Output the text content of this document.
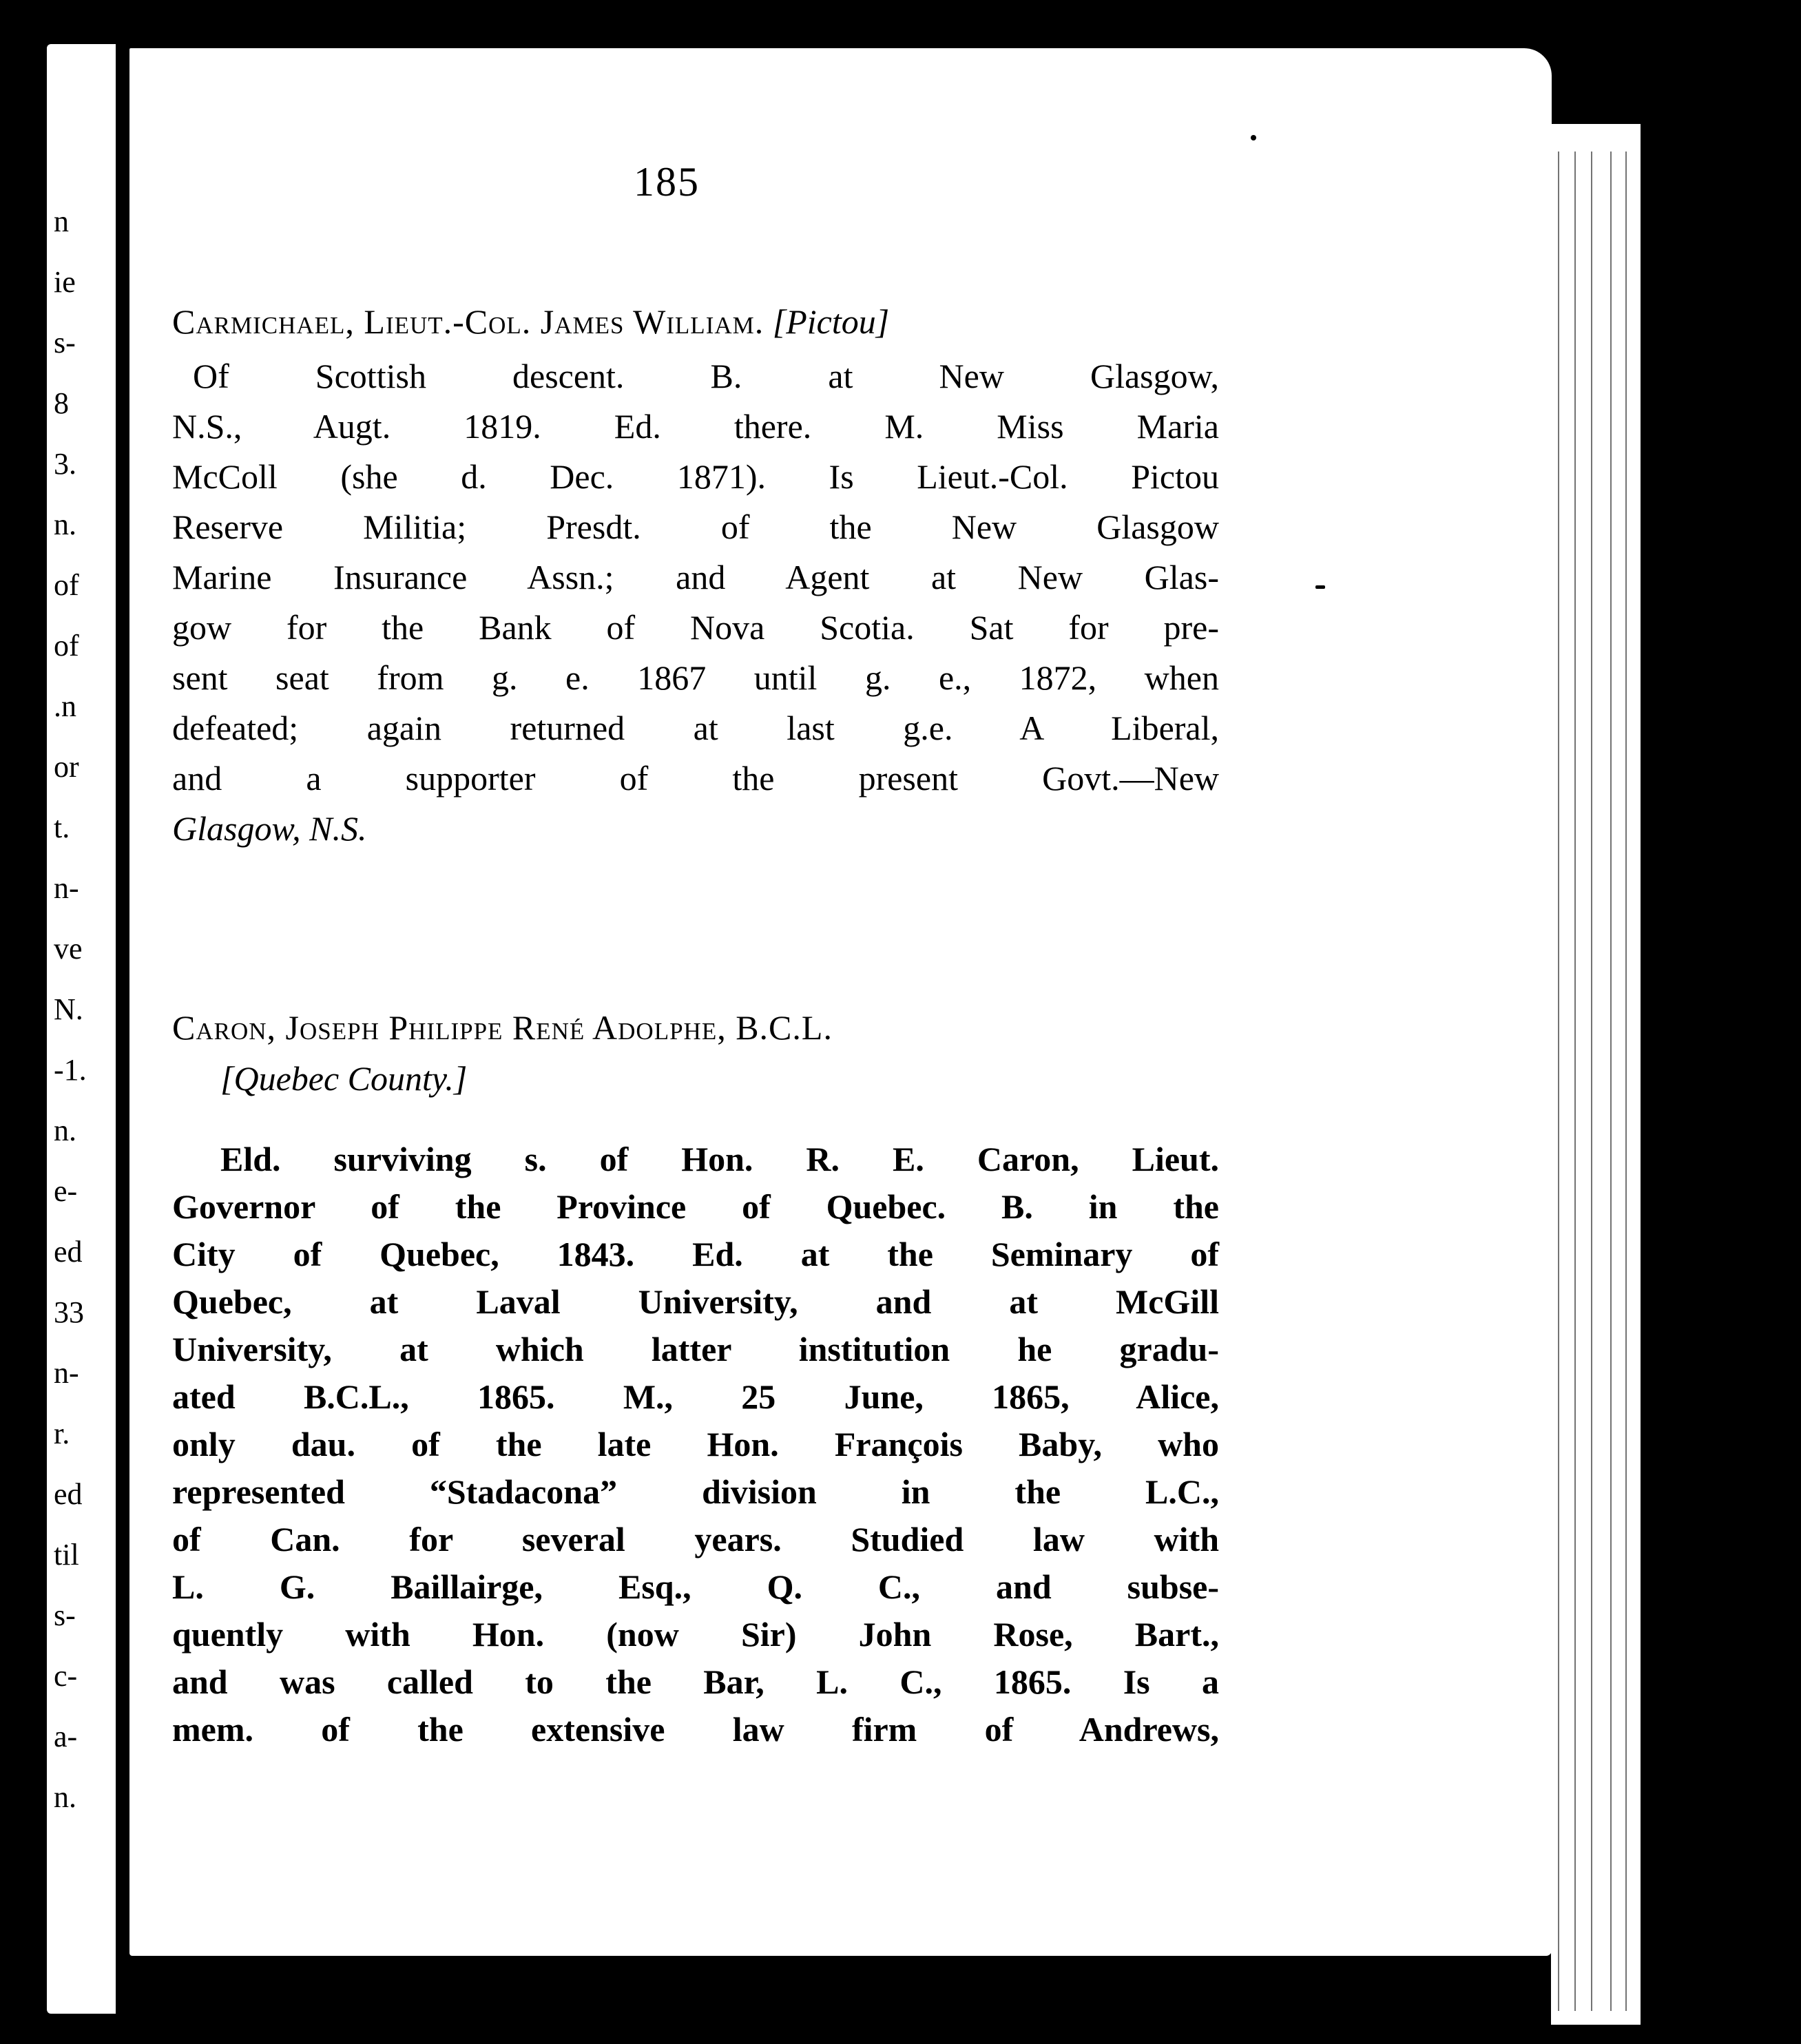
n
ie
s-
8
3.
n.
of
of
.n
or
t.
n-
ve
N.
-1.
n.
e-
ed
33
n-
r.
ed
til
s-
c-
a-
n.
185
Carmichael, Lieut.-Col. James William. [Pictou]
Of Scottish descent. B. at New Glasgow,
N.S., Augt. 1819. Ed. there. M. Miss Maria
McColl (she d. Dec. 1871). Is Lieut.-Col. Pictou
Reserve Militia; Presdt. of the New Glasgow
Marine Insurance Assn.; and Agent at New Glas-
gow for the Bank of Nova Scotia. Sat for pre-
sent seat from g. e. 1867 until g. e., 1872, when
defeated; again returned at last g.e. A Liberal,
and a supporter of the present Govt.—New
Glasgow, N.S.
Caron, Joseph Philippe René Adolphe, B.C.L.
[Quebec County.]
Eld. surviving s. of Hon. R. E. Caron, Lieut.
Governor of the Province of Quebec. B. in the
City of Quebec, 1843. Ed. at the Seminary of
Quebec, at Laval University, and at McGill
University, at which latter institution he gradu-
ated B.C.L., 1865. M., 25 June, 1865, Alice,
only dau. of the late Hon. François Baby, who
represented “Stadacona” division in the L.C.,
of Can. for several years. Studied law with
L. G. Baillairge, Esq., Q. C., and subse-
quently with Hon. (now Sir) John Rose, Bart.,
and was called to the Bar, L. C., 1865. Is a
mem. of the extensive law firm of Andrews,
